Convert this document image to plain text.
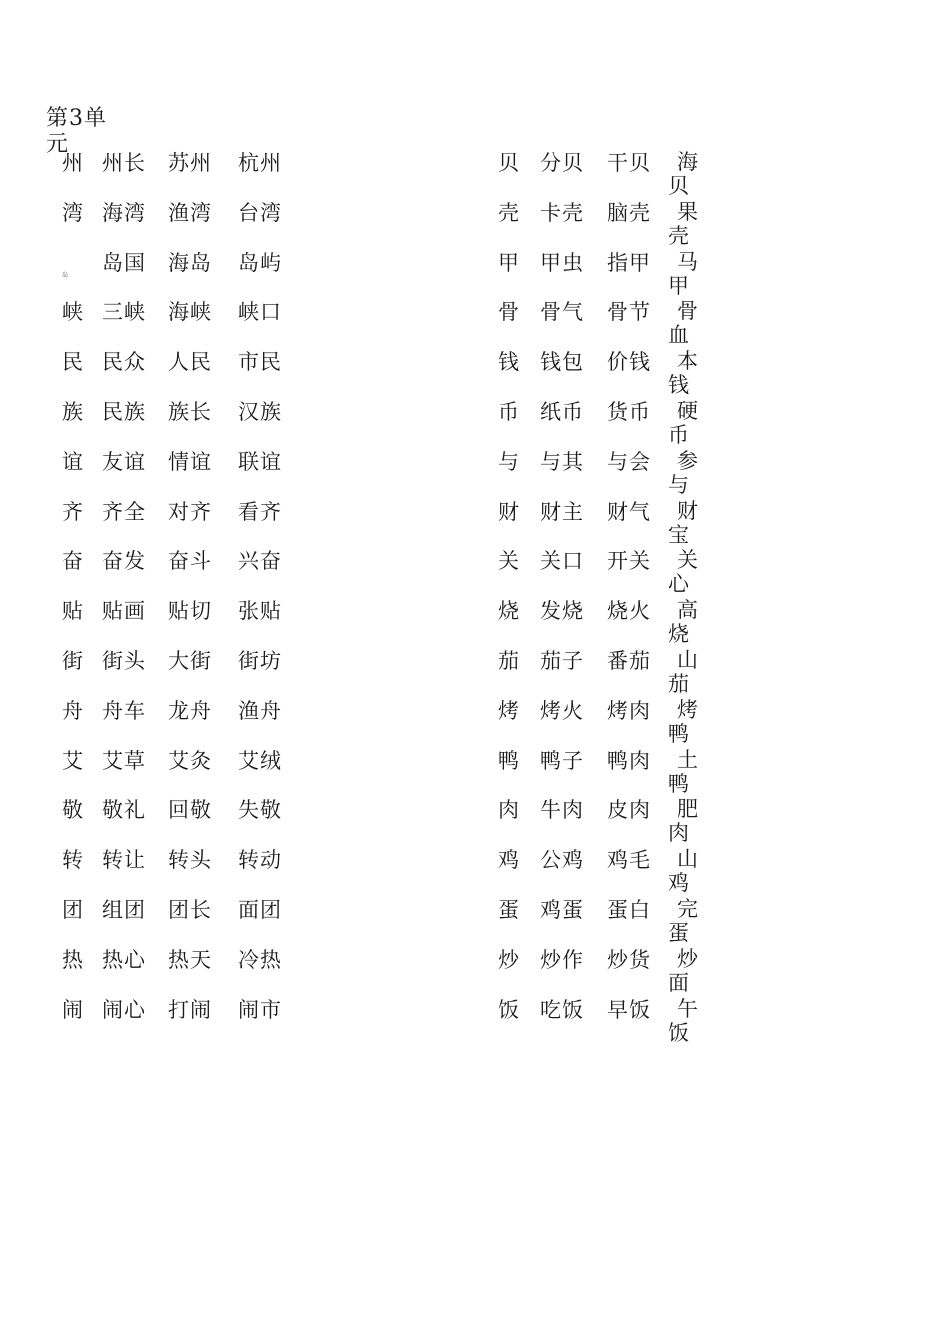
第3单元
岛
州 州长 苏州 杭州
湾 海湾 渔湾 台湾
岛国 海岛 岛屿
峡 三峡 海峡 峡口
民 民众 人民 市民
族 民族 族长 汉族
谊 友谊 情谊 联谊
齐 齐全 对齐 看齐
奋 奋发 奋斗 兴奋
贴 贴画 贴切 张贴
街 街头 大街 街坊
舟 舟车 龙舟 渔舟
艾 艾草 艾灸 艾绒
敬 敬礼 回敬 失敬
转 转让 转头 转动
团 组团 团长 面团
热 热心 热天 冷热
闹 闹心 打闹 闹市
贝 分贝 干贝
壳 卡壳 脑壳
甲 甲虫 指甲
骨 骨气 骨节
钱 钱包 价钱
币 纸币 货币
与 与其 与会
财 财主 财气
关 关口 开关
烧 发烧 烧火
茄 茄子 番茄
烤 烤火 烤肉
鸭 鸭子 鸭肉
肉 牛肉 皮肉
鸡 公鸡 鸡毛
蛋 鸡蛋 蛋白
炒 炒作 炒货
饭 吃饭 早饭
海
贝
果
壳
马
甲
骨
血
本
钱
硬
币
参
与
财
宝
关
心
高
烧
山
茄
烤
鸭
土
鸭
肥
肉
山
鸡
完
蛋
炒
面
午
饭
